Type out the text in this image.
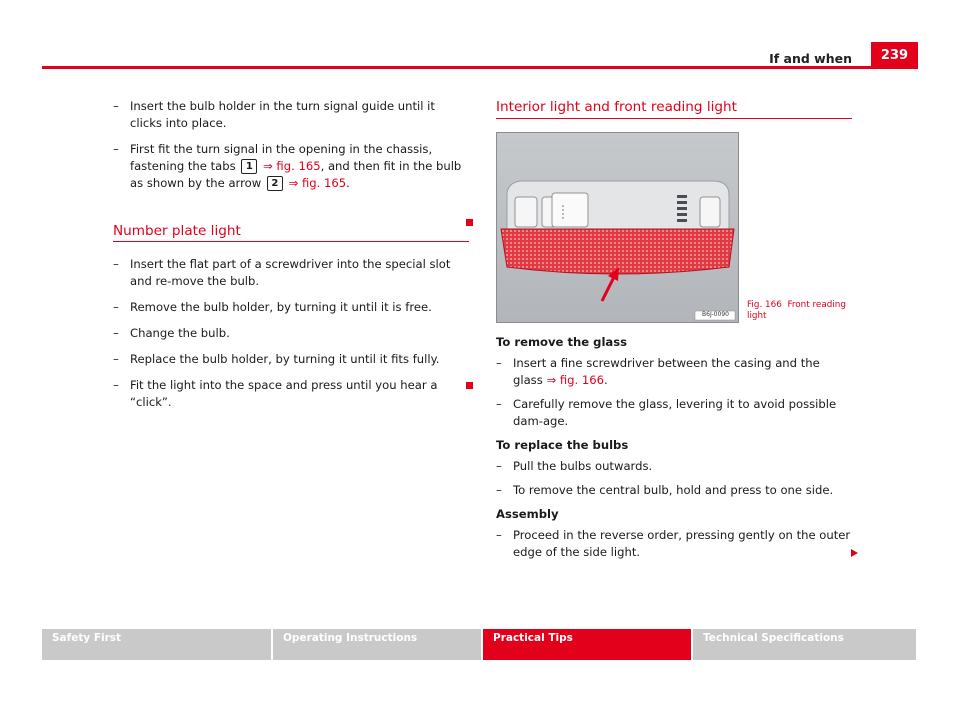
If and when	239
– Insert the bulb holder in the turn signal guide until it clicks into place.
– First fit the turn signal in the opening in the chassis, fastening the tabs 1 ⇒ fig. 165, and then fit in the bulb as shown by the arrow 2 ⇒ fig. 165.
Number plate light
– Insert the flat part of a screwdriver into the special slot and re-move the bulb.
– Remove the bulb holder, by turning it until it is free.
– Change the bulb.
– Replace the bulb holder, by turning it until it fits fully.
– Fit the light into the space and press until you hear a “click”.
Interior light and front reading light
B6J-0090
Fig. 166 Front reading light
To remove the glass
– Insert a fine screwdriver between the casing and the glass ⇒ fig. 166.
– Carefully remove the glass, levering it to avoid possible dam-age.
To replace the bulbs
– Pull the bulbs outwards.
– To remove the central bulb, hold and press to one side.
Assembly
– Proceed in the reverse order, pressing gently on the outer edge of the side light.
Safety First	Operating Instructions	Practical Tips	Technical Specifications
